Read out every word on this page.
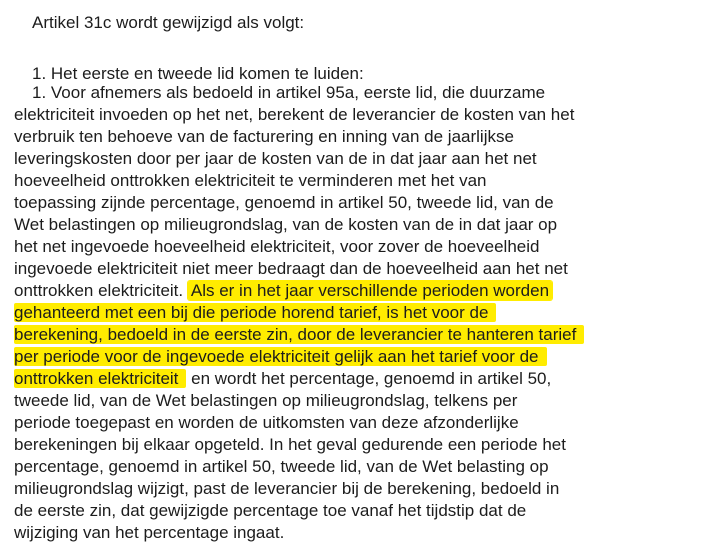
Artikel 31c wordt gewijzigd als volgt:
1. Het eerste en tweede lid komen te luiden:
1. Voor afnemers als bedoeld in artikel 95a, eerste lid, die duurzame
elektriciteit invoeden op het net, berekent de leverancier de kosten van het
verbruik ten behoeve van de facturering en inning van de jaarlijkse
leveringskosten door per jaar de kosten van de in dat jaar aan het net
hoeveelheid onttrokken elektriciteit te verminderen met het van
toepassing zijnde percentage, genoemd in artikel 50, tweede lid, van de
Wet belastingen op milieugrondslag, van de kosten van de in dat jaar op
het net ingevoede hoeveelheid elektriciteit, voor zover de hoeveelheid
ingevoede elektriciteit niet meer bedraagt dan de hoeveelheid aan het net
onttrokken elektriciteit. Als er in het jaar verschillende perioden worden
gehanteerd met een bij die periode horend tarief, is het voor de
berekening, bedoeld in de eerste zin, door de leverancier te hanteren tarief
per periode voor de ingevoede elektriciteit gelijk aan het tarief voor de
onttrokken elektriciteit en wordt het percentage, genoemd in artikel 50,
tweede lid, van de Wet belastingen op milieugrondslag, telkens per
periode toegepast en worden de uitkomsten van deze afzonderlijke
berekeningen bij elkaar opgeteld. In het geval gedurende een periode het
percentage, genoemd in artikel 50, tweede lid, van de Wet belasting op
milieugrondslag wijzigt, past de leverancier bij de berekening, bedoeld in
de eerste zin, dat gewijzigde percentage toe vanaf het tijdstip dat de
wijziging van het percentage ingaat.
